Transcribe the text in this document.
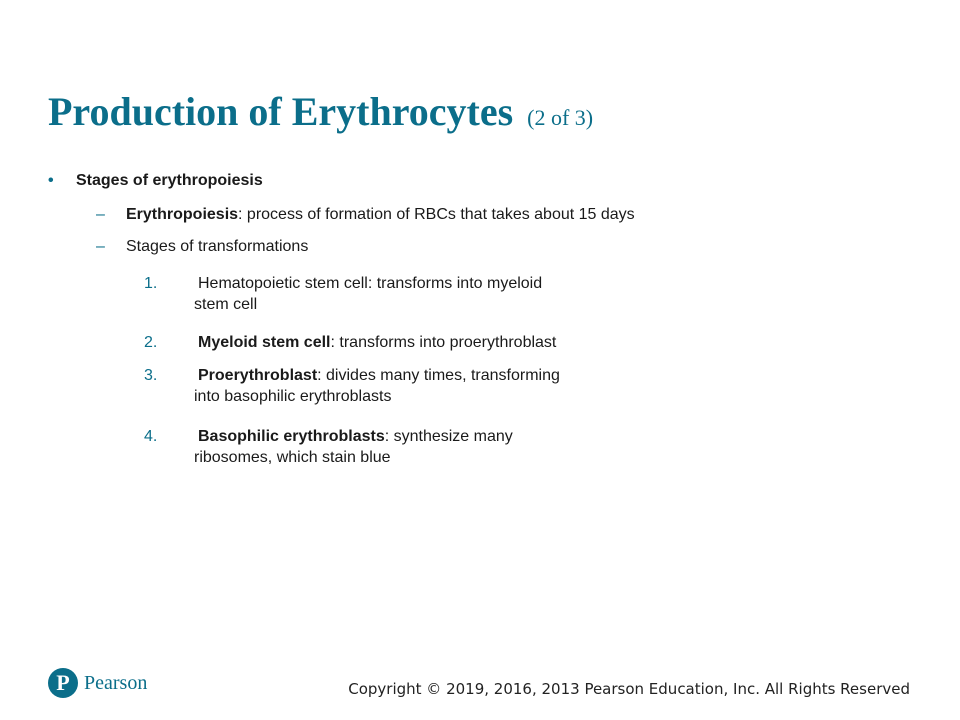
Production of Erythrocytes (2 of 3)
• Stages of erythropoiesis
– Erythropoiesis: process of formation of RBCs that takes about 15 days
– Stages of transformations
1.	Hematopoietic stem cell: transforms into myeloid
stem cell
2.	Myeloid stem cell: transforms into proerythroblast
3.	Proerythroblast: divides many times, transforming
into basophilic erythroblasts
4.	Basophilic erythroblasts: synthesize many
ribosomes, which stain blue
P Pearson	Copyright © 2019, 2016, 2013 Pearson Education, Inc. All Rights Reserved
